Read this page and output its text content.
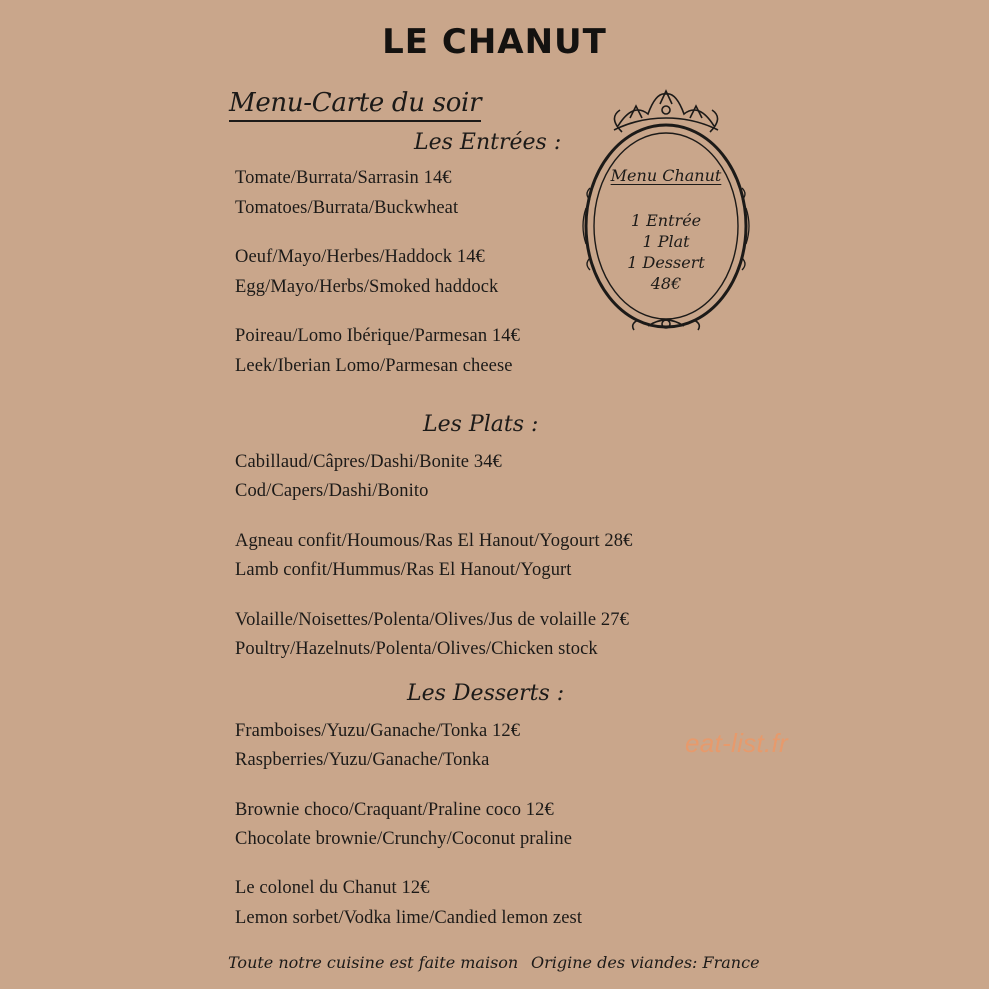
LE CHANUT
Menu-Carte du soir
Les Entrées :
Tomate/Burrata/Sarrasin 14€
Tomatoes/Burrata/Buckwheat
Oeuf/Mayo/Herbes/Haddock 14€
Egg/Mayo/Herbs/Smoked haddock
Poireau/Lomo Ibérique/Parmesan 14€
Leek/Iberian Lomo/Parmesan cheese
Les Plats :
Cabillaud/Câpres/Dashi/Bonite 34€
Cod/Capers/Dashi/Bonito
Agneau confit/Houmous/Ras El Hanout/Yogourt 28€
Lamb confit/Hummus/Ras El Hanout/Yogurt
Volaille/Noisettes/Polenta/Olives/Jus de volaille 27€
Poultry/Hazelnuts/Polenta/Olives/Chicken stock
Les Desserts :
Framboises/Yuzu/Ganache/Tonka 12€
Raspberries/Yuzu/Ganache/Tonka
Brownie choco/Craquant/Praline coco 12€
Chocolate brownie/Crunchy/Coconut praline
Le colonel du Chanut 12€
Lemon sorbet/Vodka lime/Candied lemon zest
Menu Chanut
1 Entrée
1 Plat
1 Dessert
48€
eat-list.fr
Toute notre cuisine est faite maison Origine des viandes: France
